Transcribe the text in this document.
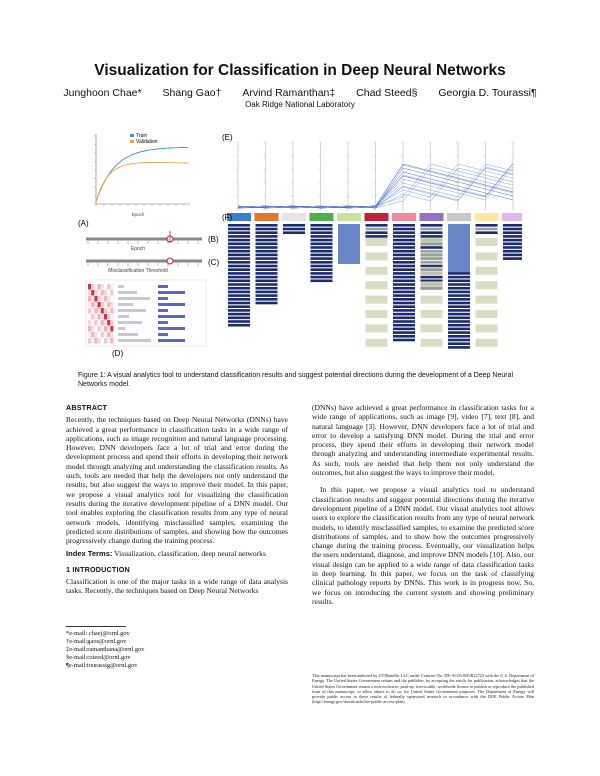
Visualization for Classification in Deep Neural Networks
Junghoon Chae* Shang Gao† Arvind Ramanthan‡ Chad Steed§ Georgia D. Tourassi¶
Oak Ridge National Laboratory
Train
Validation
Epoch
(A)
Epoch
(B)
Misclassification Threshold
(C)
(D)
(E)
(F)
Figure 1: A visual analytics tool to understand classification results and suggest potential directions during the development of a Deep Neural Networks model.
ABSTRACT

Recently, the techniques based on Deep Neural Networks (DNNs) have achieved a great performance in classification tasks in a wide range of applications, such as image recognition and natural language processing. However, DNN developers face a lot of trial and error during the development process and spend their efforts in developing their network model through analyzing and understanding the classification results. As such, tools are needed that help the developers not only understand the results, but also suggest the ways to improve their model. In this paper, we propose a visual analytics tool for visualizing the classification results during the iterative development pipeline of a DNN model. Our tool enables exploring the classification results from any type of neural network models, identifying misclassified samples, examining the predicted score distributions of samples, and showing how the outcomes progressively change during the training process.

Index Terms: Visualization, classification, deep neural networks

1 INTRODUCTION

Classification is one of the major tasks in a wide range of data analysis tasks. Recently, the techniques based on Deep Neural Networks

*e-mail: chaej@ornl.gov
†e-mail:gaos@ornl.gov
‡e-mail:ramanthana@ornl.gov
§e-mail:csteed@ornl.gov
¶e-mail:tourassig@ornl.gov

(DNNs) have achieved a great performance in classification tasks for a wide range of applications, such as image [9], video [7], text [8], and natural language [3]. However, DNN developers face a lot of trial and error to develop a satisfying DNN model. During the trial and error process, they spend their efforts in developing their network model through analyzing and understanding intermediate experimental results. As such, tools are needed that help them not only understand the outcomes, but also suggest the ways to improve their model.

In this paper, we propose a visual analytics tool to understand classification results and suggest potential directions during the iterative development pipeline of a DNN model. Our visual analytics tool allows users to explore the classification results from any type of neural network models, to identify misclassified samples, to examine the predicted score distributions of samples, and to show how the outcomes progressively change during the training process. Eventually, our visualization helps the users understand, diagnose, and improve DNN models [10]. Also, our visual design can be applied to a wide range of data classification tasks in deep learning. In this paper, we focus on the task of classifying clinical pathology reports by DNNs. This work is in progress now. So, we focus on introducing the current system and showing preliminary results.

This manuscript has been authored by UT-Battelle, LLC under Contract No. DE-AC05-00OR22725 with the U.S. Department of Energy. The United States Government retains and the publisher, by accepting the article for publication, acknowledges that the United States Government retains a non-exclusive, paid-up, irrevocable, worldwide license to publish or reproduce the published form of this manuscript, or allow others to do so, for United States Government purposes. The Department of Energy will provide public access to these results of federally sponsored research in accordance with the DOE Public Access Plan (http://energy.gov/downloads/doe-public-access-plan).
